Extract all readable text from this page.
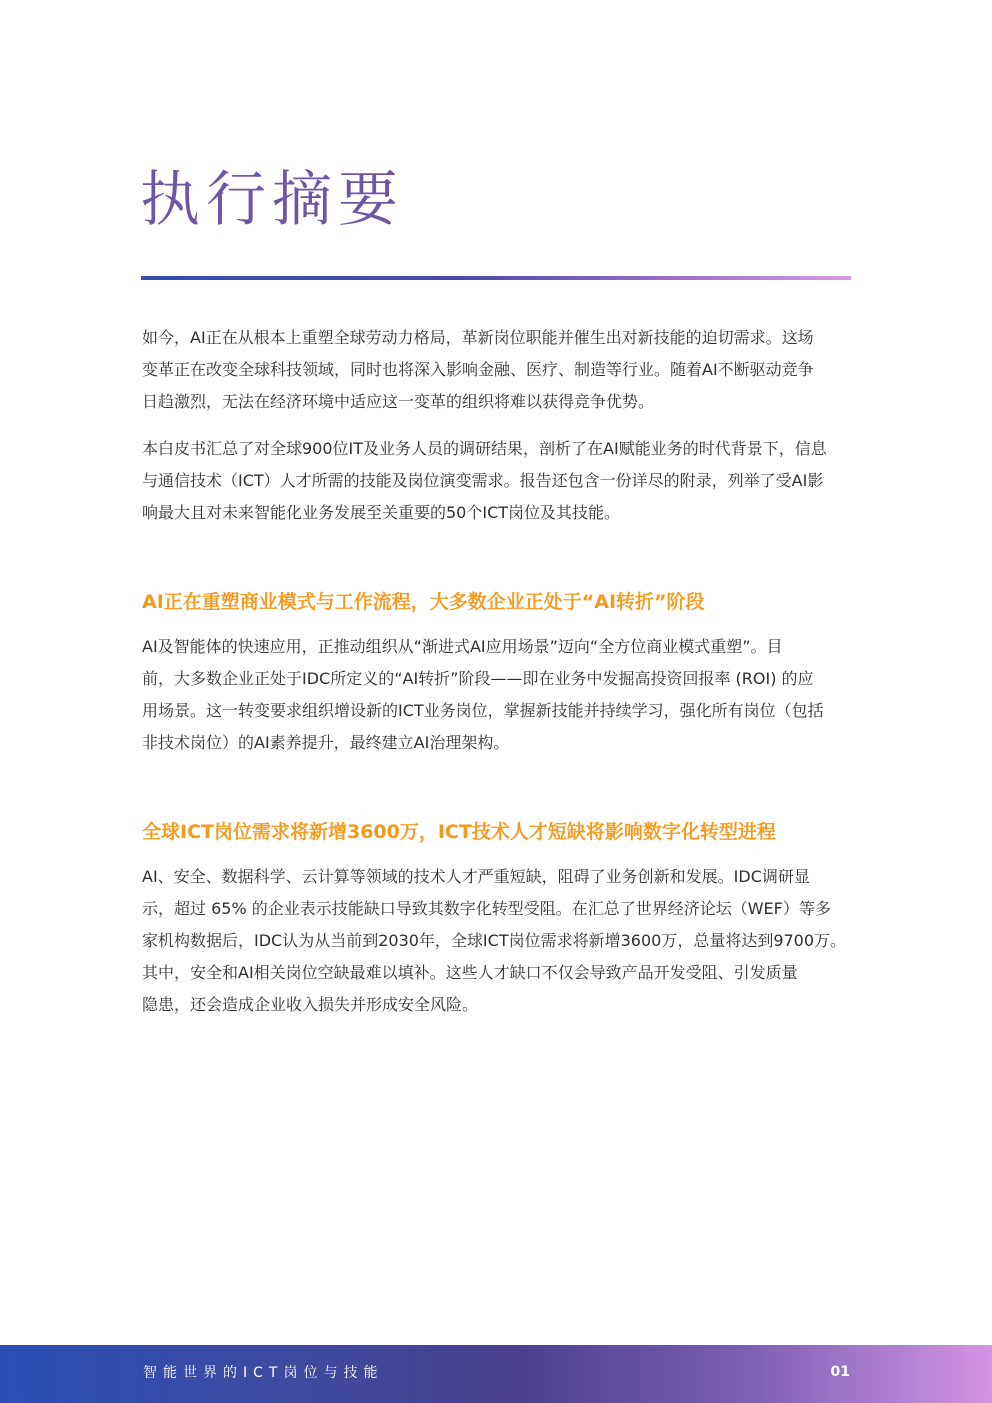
执行摘要

如今，AI正在从根本上重塑全球劳动力格局，革新岗位职能并催生出对新技能的迫切需求。这场
变革正在改变全球科技领域，同时也将深入影响金融、医疗、制造等行业。随着AI不断驱动竞争
日趋激烈，无法在经济环境中适应这一变革的组织将难以获得竞争优势。

本白皮书汇总了对全球900位IT及业务人员的调研结果，剖析了在AI赋能业务的时代背景下，信息
与通信技术（ICT）人才所需的技能及岗位演变需求。报告还包含一份详尽的附录，列举了受AI影
响最大且对未来智能化业务发展至关重要的50个ICT岗位及其技能。

AI正在重塑商业模式与工作流程，大多数企业正处于“AI转折”阶段

AI及智能体的快速应用，正推动组织从“渐进式AI应用场景”迈向“全方位商业模式重塑”。目
前，大多数企业正处于IDC所定义的“AI转折”阶段——即在业务中发掘高投资回报率 (ROI) 的应
用场景。这一转变要求组织增设新的ICT业务岗位，掌握新技能并持续学习，强化所有岗位（包括
非技术岗位）的AI素养提升，最终建立AI治理架构。

全球ICT岗位需求将新增3600万，ICT技术人才短缺将影响数字化转型进程

AI、安全、数据科学、云计算等领域的技术人才严重短缺，阻碍了业务创新和发展。IDC调研显
示，超过 65% 的企业表示技能缺口导致其数字化转型受阻。在汇总了世界经济论坛（WEF）等多
家机构数据后，IDC认为从当前到2030年，全球ICT岗位需求将新增3600万，总量将达到9700万。
其中，安全和AI相关岗位空缺最难以填补。这些人才缺口不仅会导致产品开发受阻、引发质量
隐患，还会造成企业收入损失并形成安全风险。

智能世界的ICT岗位与技能	01
